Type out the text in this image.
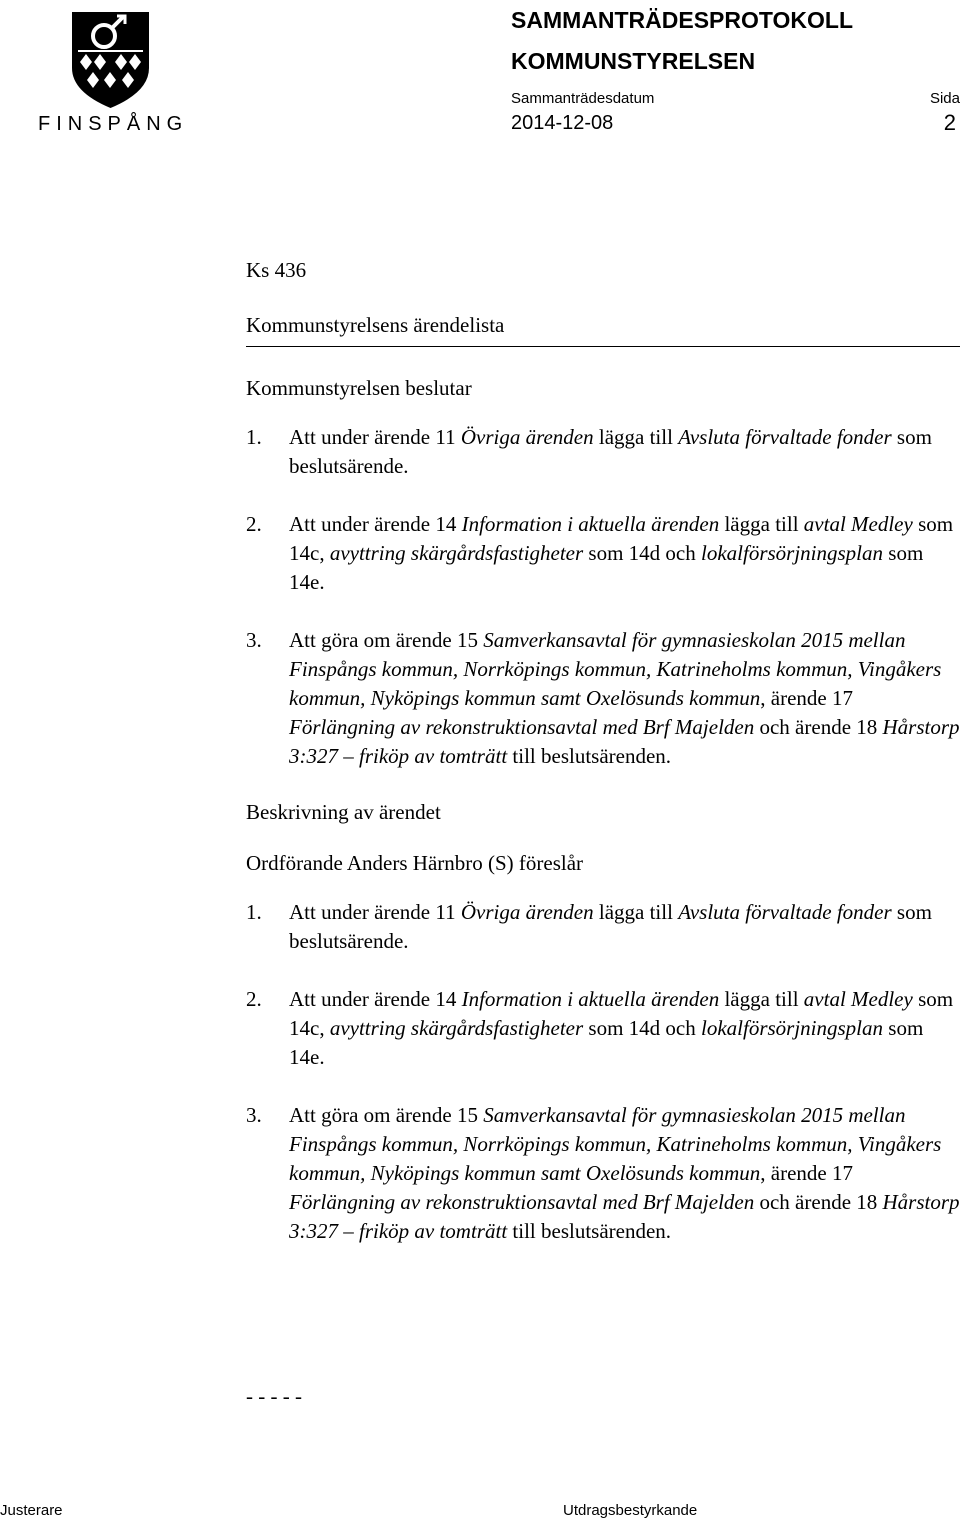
FINSPÅNG
SAMMANTRÄDESPROTOKOLL
KOMMUNSTYRELSEN
Sammanträdesdatum	Sida
2014-12-08	2

Ks 436

Kommunstyrelsens ärendelista

Kommunstyrelsen beslutar

1. Att under ärende 11 Övriga ärenden lägga till Avsluta förvaltade fonder som beslutsärende.
2. Att under ärende 14 Information i aktuella ärenden lägga till avtal Medley som 14c, avyttring skärgårdsfastigheter som 14d och lokalförsörjningsplan som 14e.
3. Att göra om ärende 15 Samverkansavtal för gymnasieskolan 2015 mellan Finspångs kommun, Norrköpings kommun, Katrineholms kommun, Vingåkers kommun, Nyköpings kommun samt Oxelösunds kommun, ärende 17 Förlängning av rekonstruktionsavtal med Brf Majelden och ärende 18 Hårstorp 3:327 – friköp av tomträtt till beslutsärenden.

Beskrivning av ärendet

Ordförande Anders Härnbro (S) föreslår

1. Att under ärende 11 Övriga ärenden lägga till Avsluta förvaltade fonder som beslutsärende.
2. Att under ärende 14 Information i aktuella ärenden lägga till avtal Medley som 14c, avyttring skärgårdsfastigheter som 14d och lokalförsörjningsplan som 14e.
3. Att göra om ärende 15 Samverkansavtal för gymnasieskolan 2015 mellan Finspångs kommun, Norrköpings kommun, Katrineholms kommun, Vingåkers kommun, Nyköpings kommun samt Oxelösunds kommun, ärende 17 Förlängning av rekonstruktionsavtal med Brf Majelden och ärende 18 Hårstorp 3:327 – friköp av tomträtt till beslutsärenden.
- - - - -
Justerare	Utdragsbestyrkande
